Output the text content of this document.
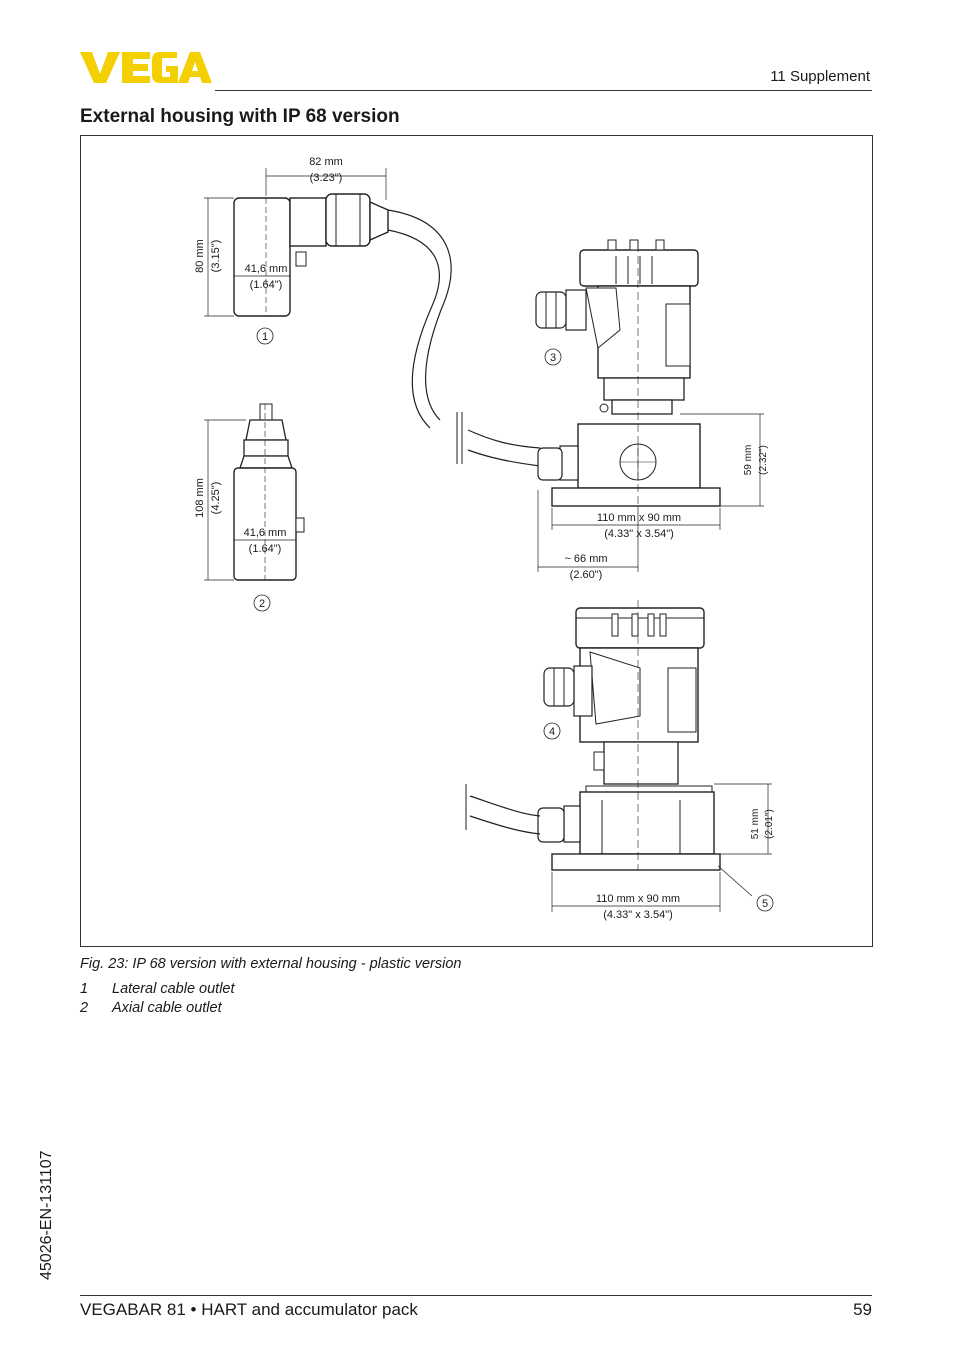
11 Supplement
External housing with IP 68 version
82 mm
(3.23")
80 mm (3.15") 41,6 mm
(1.64")
1
108 mm (4.25")
41,6 mm
(1.64")
2
3
59 mm (2.32")
110 mm x 90 mm
(4.33" x 3.54")
~ 66 mm
(2.60")
4
51 mm (2.01")
110 mm x 90 mm
(4.33" x 3.54")
5
Fig. 23: IP 68 version with external housing - plastic version
1 Lateral cable outlet
2 Axial cable outlet
45026-EN-131107
VEGABAR 81 • HART and accumulator pack	59
